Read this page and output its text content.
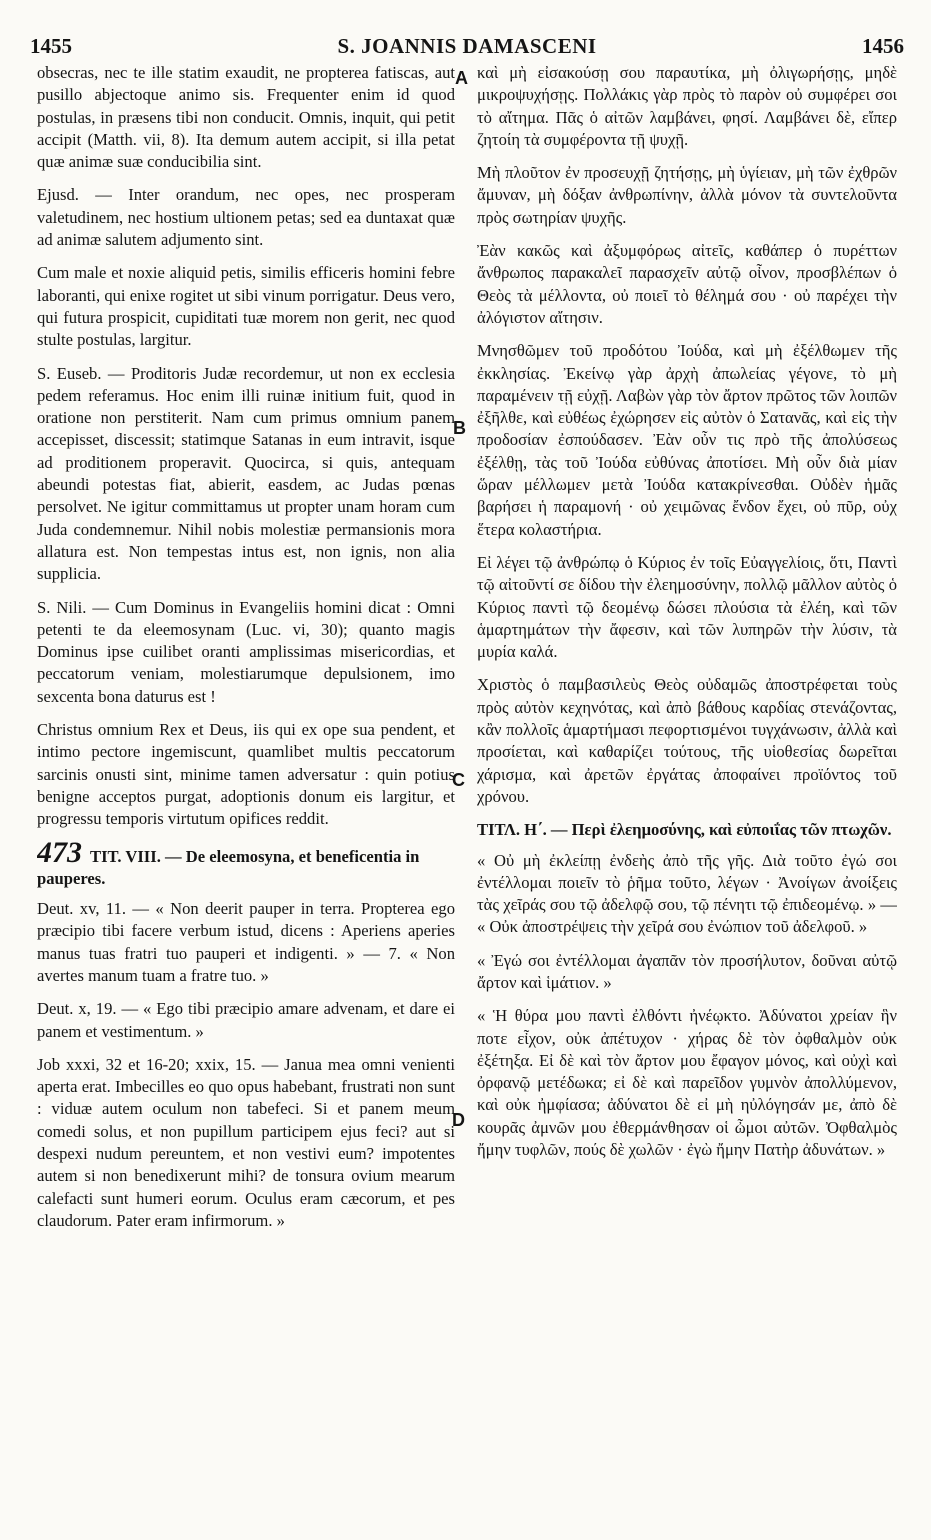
1455	S. JOANNIS DAMASCENI	1456
A
B
C
D

obsecras, nec te ille statim exaudit, ne propterea fatiscas, aut pusillo abjectoque animo sis. Frequenter enim id quod postulas, in præsens tibi non conducit. Omnis, inquit, qui petit accipit (Matth. vii, 8). Ita demum autem accipit, si illa petat quæ animæ suæ conducibilia sint.

Ejusd. — Inter orandum, nec opes, nec prosperam valetudinem, nec hostium ultionem petas; sed ea duntaxat quæ ad animæ salutem adjumento sint.

Cum male et noxie aliquid petis, similis efficeris homini febre laboranti, qui enixe rogitet ut sibi vinum porrigatur. Deus vero, qui futura prospicit, cupiditati tuæ morem non gerit, nec quod stulte postulas, largitur.

S. Euseb. — Proditoris Judæ recordemur, ut non ex ecclesia pedem referamus. Hoc enim illi ruinæ initium fuit, quod in oratione non perstiterit. Nam cum primus omnium panem accepisset, discessit; statimque Satanas in eum intravit, isque ad proditionem properavit. Quocirca, si quis, antequam abeundi potestas fiat, abierit, easdem, ac Judas pœnas persolvet. Ne igitur committamus ut propter unam horam cum Juda condemnemur. Nihil nobis molestiæ permansionis mora allatura est. Non tempestas intus est, non ignis, non alia supplicia.

S. Nili. — Cum Dominus in Evangeliis homini dicat : Omni petenti te da eleemosynam (Luc. vi, 30); quanto magis Dominus ipse cuilibet oranti amplissimas misericordias, et peccatorum veniam, molestiarumque depulsionem, imo sexcenta bona daturus est !

Christus omnium Rex et Deus, iis qui ex ope sua pendent, et intimo pectore ingemiscunt, quamlibet multis peccatorum sarcinis onusti sint, minime tamen adversatur : quin potius benigne acceptos purgat, adoptionis donum eis largitur, et progressu temporis virtutum opifices reddit.

473 TIT. VIII. — De eleemosyna, et beneficentia in pauperes.

Deut. xv, 11. — « Non deerit pauper in terra. Propterea ego præcipio tibi facere verbum istud, dicens : Aperiens aperies manus tuas fratri tuo pauperi et indigenti. » — 7. « Non avertes manum tuam a fratre tuo. »

Deut. x, 19. — « Ego tibi præcipio amare advenam, et dare ei panem et vestimentum. »

Job xxxi, 32 et 16-20; xxix, 15. — Janua mea omni venienti aperta erat. Imbecilles eo quo opus habebant, frustrati non sunt : viduæ autem oculum non tabefeci. Si et panem meum comedi solus, et non pupillum participem ejus feci? aut si despexi nudum pereuntem, et non vestivi eum? impotentes autem si non benedixerunt mihi? de tonsura ovium mearum calefacti sunt humeri eorum. Oculus eram cæcorum, et pes claudorum. Pater eram infirmorum. »

καὶ μὴ εἰσακούσῃ σου παραυτίκα, μὴ ὀλιγωρήσῃς, μηδὲ μικροψυχήσῃς. Πολλάκις γὰρ πρὸς τὸ παρὸν οὐ συμφέρει σοι τὸ αἴτημα. Πᾶς ὁ αἰτῶν λαμβάνει, φησί. Λαμβάνει δὲ, εἴπερ ζητοίη τὰ συμφέροντα τῇ ψυχῇ.

Μὴ πλοῦτον ἐν προσευχῇ ζητήσῃς, μὴ ὑγίειαν, μὴ τῶν ἐχθρῶν ἄμυναν, μὴ δόξαν ἀνθρωπίνην, ἀλλὰ μόνον τὰ συντελοῦντα πρὸς σωτηρίαν ψυχῆς.

Ἐὰν κακῶς καὶ ἀξυμφόρως αἰτεῖς, καθάπερ ὁ πυρέττων ἄνθρωπος παρακαλεῖ παρασχεῖν αὐτῷ οἶνον, προσβλέπων ὁ Θεὸς τὰ μέλλοντα, οὐ ποιεῖ τὸ θέλημά σου · οὐ παρέχει τὴν ἀλόγιστον αἴτησιν.

Μνησθῶμεν τοῦ προδότου Ἰούδα, καὶ μὴ ἐξέλθωμεν τῆς ἐκκλησίας. Ἐκείνῳ γὰρ ἀρχὴ ἀπωλείας γέγονε, τὸ μὴ παραμένειν τῇ εὐχῇ. Λαβὼν γὰρ τὸν ἄρτον πρῶτος τῶν λοιπῶν ἐξῆλθε, καὶ εὐθέως ἐχώρησεν εἰς αὐτὸν ὁ Σατανᾶς, καὶ εἰς τὴν προδοσίαν ἐσπούδασεν. Ἐὰν οὖν τις πρὸ τῆς ἀπολύσεως ἐξέλθῃ, τὰς τοῦ Ἰούδα εὐθύνας ἀποτίσει. Μὴ οὖν διὰ μίαν ὥραν μέλλωμεν μετὰ Ἰούδα κατακρίνεσθαι. Οὐδὲν ἡμᾶς βαρήσει ἡ παραμονή · οὐ χειμῶνας ἔνδον ἔχει, οὐ πῦρ, οὐχ ἕτερα κολαστήρια.

Εἰ λέγει τῷ ἀνθρώπῳ ὁ Κύριος ἐν τοῖς Εὐαγγελίοις, ὅτι, Παντὶ τῷ αἰτοῦντί σε δίδου τὴν ἐλεημοσύνην, πολλῷ μᾶλλον αὐτὸς ὁ Κύριος παντὶ τῷ δεομένῳ δώσει πλούσια τὰ ἐλέη, καὶ τῶν ἁμαρτημάτων τὴν ἄφεσιν, καὶ τῶν λυπηρῶν τὴν λύσιν, τὰ μυρία καλά.

Χριστὸς ὁ παμβασιλεὺς Θεὸς οὐδαμῶς ἀποστρέφεται τοὺς πρὸς αὐτὸν κεχηνότας, καὶ ἀπὸ βάθους καρδίας στενάζοντας, κἂν πολλοῖς ἁμαρτήμασι πεφορτισμένοι τυγχάνωσιν, ἀλλὰ καὶ προσίεται, καὶ καθαρίζει τούτους, τῆς υἱοθεσίας δωρεῖται χάρισμα, καὶ ἀρετῶν ἐργάτας ἀποφαίνει προϊόντος τοῦ χρόνου.

ΤΙΤΛ. Η΄. — Περὶ ἐλεημοσύνης, καὶ εὐποιΐας τῶν πτωχῶν.

« Οὐ μὴ ἐκλείπῃ ἐνδεὴς ἀπὸ τῆς γῆς. Διὰ τοῦτο ἐγώ σοι ἐντέλλομαι ποιεῖν τὸ ῥῆμα τοῦτο, λέγων · Ἀνοίγων ἀνοίξεις τὰς χεῖράς σου τῷ ἀδελφῷ σου, τῷ πένητι τῷ ἐπιδεομένῳ. » — « Οὐκ ἀποστρέψεις τὴν χεῖρά σου ἐνώπιον τοῦ ἀδελφοῦ. »

« Ἐγώ σοι ἐντέλλομαι ἀγαπᾶν τὸν προσήλυτον, δοῦναι αὐτῷ ἄρτον καὶ ἱμάτιον. »

« Ἡ θύρα μου παντὶ ἐλθόντι ἠνέῳκτο. Ἀδύνατοι χρείαν ἣν ποτε εἶχον, οὐκ ἀπέτυχον · χήρας δὲ τὸν ὀφθαλμὸν οὐκ ἐξέτηξα. Εἰ δὲ καὶ τὸν ἄρτον μου ἔφαγον μόνος, καὶ οὐχὶ καὶ ὀρφανῷ μετέδωκα; εἰ δὲ καὶ παρεῖδον γυμνὸν ἀπολλύμενον, καὶ οὐκ ἠμφίασα; ἀδύνατοι δὲ εἰ μὴ ηὐλόγησάν με, ἀπὸ δὲ κουρᾶς ἀμνῶν μου ἐθερμάνθησαν οἱ ὦμοι αὐτῶν. Ὀφθαλμὸς ἤμην τυφλῶν, πούς δὲ χωλῶν · ἐγὼ ἤμην Πατὴρ ἀδυνάτων. »
